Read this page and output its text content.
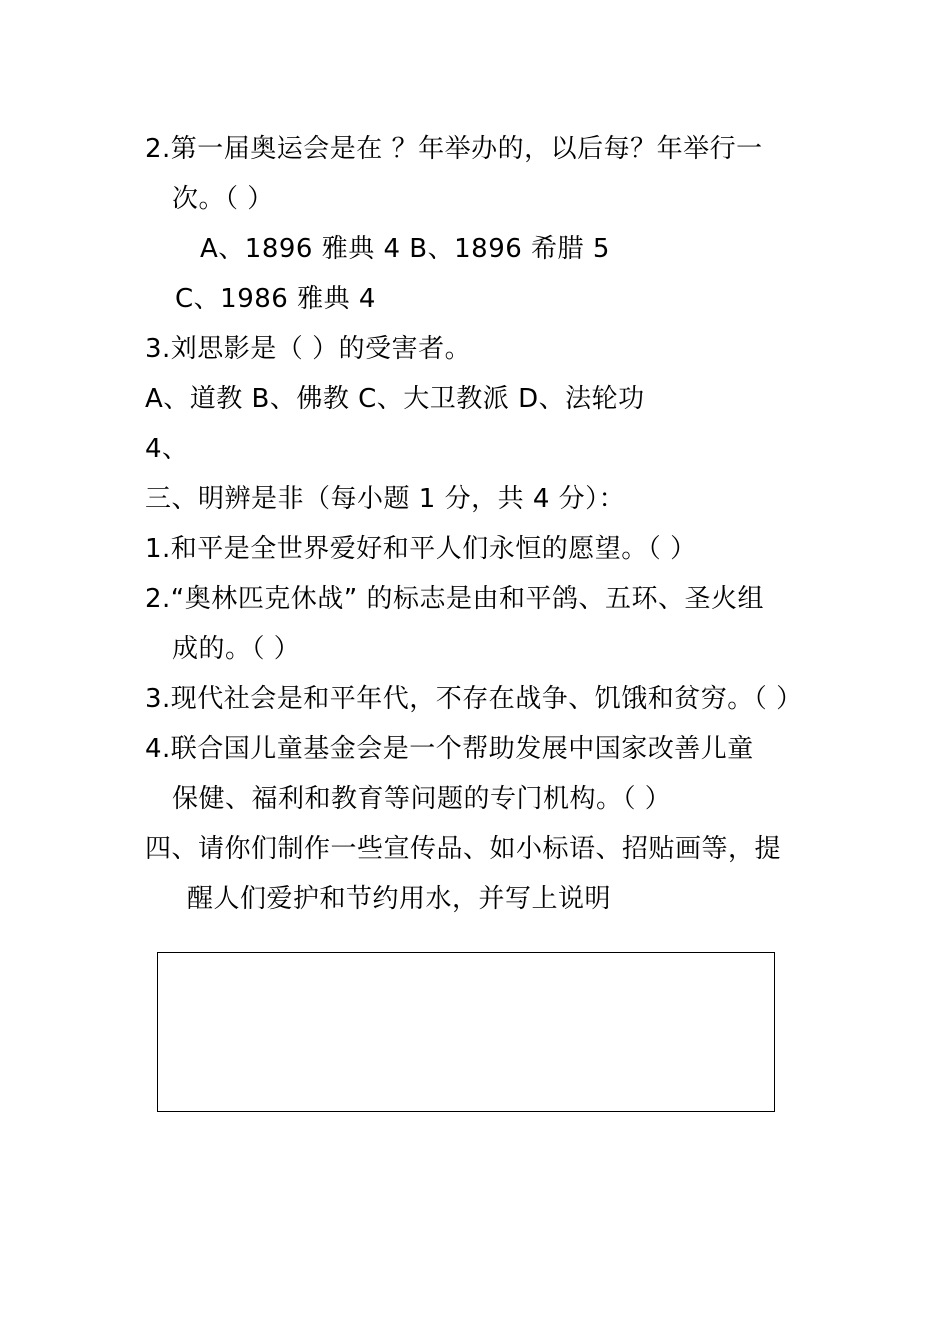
2.第一届奥运会是在 ？年举办的，以后每？年举行一
次。（ ）
A、1896 雅典 4 B、1896 希腊 5
C、1986 雅典 4
3.刘思影是（ ）的受害者。
A、道教 B、佛教 C、大卫教派 D、法轮功
4、
三、明辨是非（每小题 1 分，共 4 分）：
1.和平是全世界爱好和平人们永恒的愿望。（ ）
2.“奥林匹克休战” 的标志是由和平鸽、五环、圣火组
成的。（ ）
3.现代社会是和平年代，不存在战争、饥饿和贫穷。（ ）
4.联合国儿童基金会是一个帮助发展中国家改善儿童
保健、福利和教育等问题的专门机构。（ ）
四、请你们制作一些宣传品、如小标语、招贴画等，提
醒人们爱护和节约用水，并写上说明
